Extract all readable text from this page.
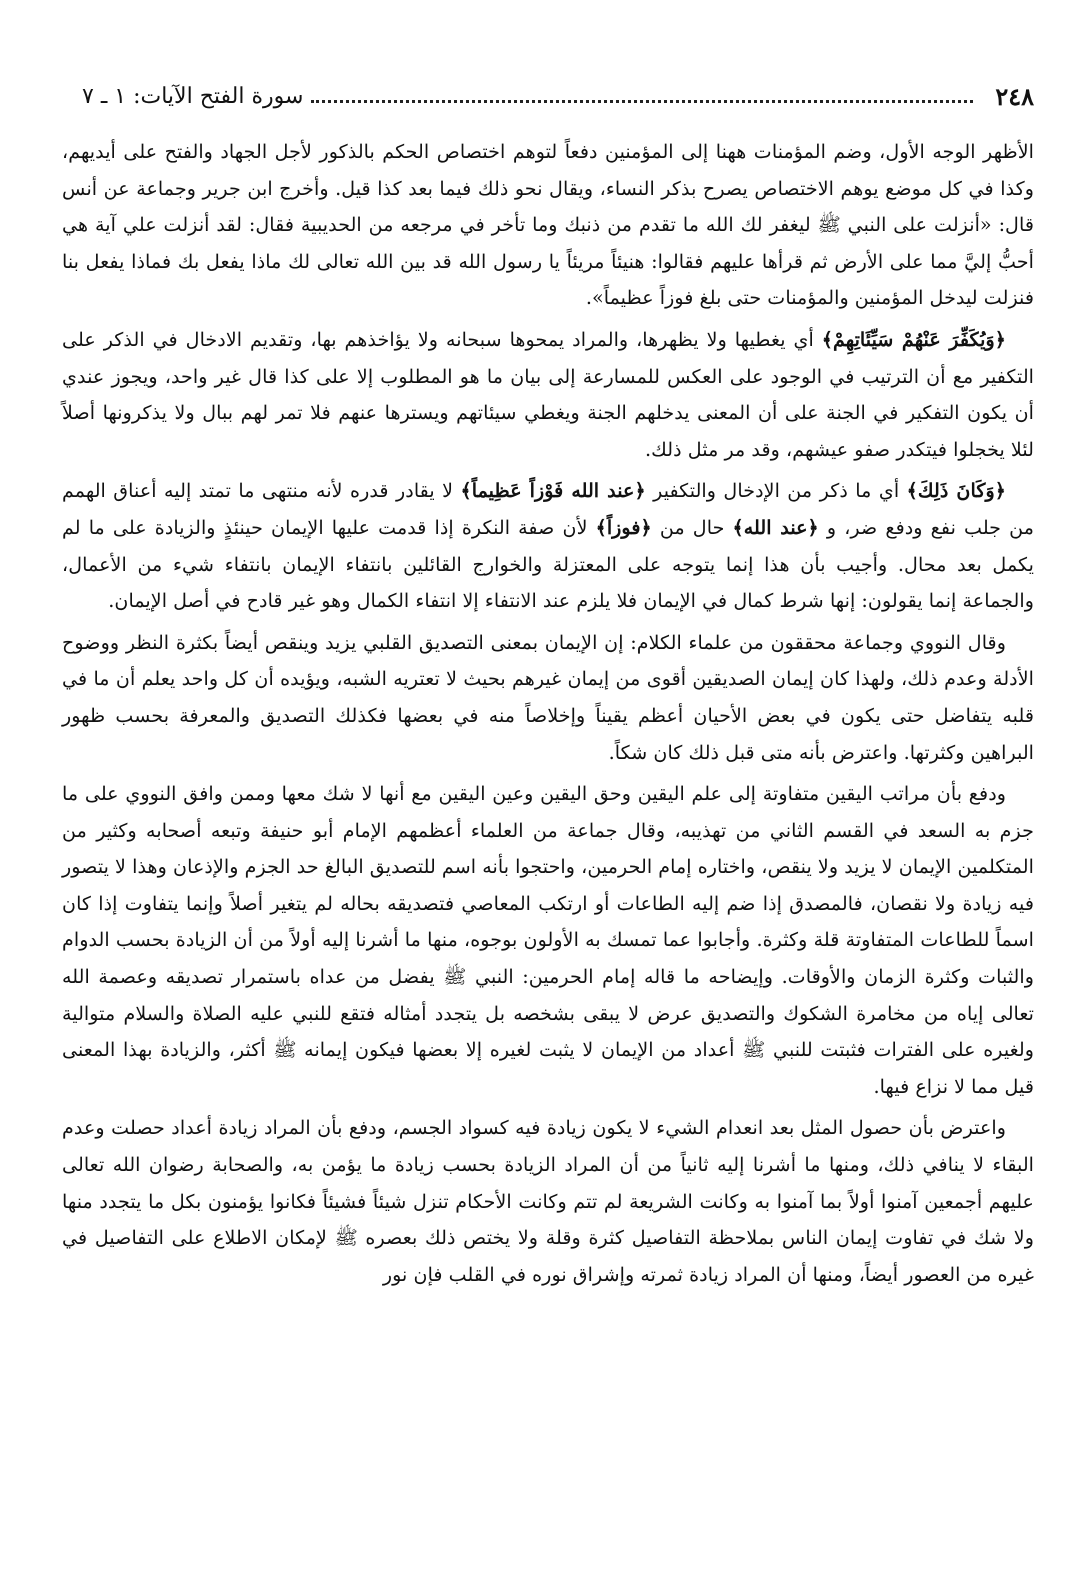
٢٤٨
سورة الفتح الآيات: ١ ـ ٧

الأظهر الوجه الأول، وضم المؤمنات ههنا إلى المؤمنين دفعاً لتوهم اختصاص الحكم بالذكور لأجل الجهاد والفتح على أيديهم، وكذا في كل موضع يوهم الاختصاص يصرح بذكر النساء، ويقال نحو ذلك فيما بعد كذا قيل. وأخرج ابن جرير وجماعة عن أنس قال: «أنزلت على النبي ﷺ ليغفر لك الله ما تقدم من ذنبك وما تأخر في مرجعه من الحديبية فقال: لقد أنزلت علي آية هي أحبُّ إليَّ مما على الأرض ثم قرأها عليهم فقالوا: هنيئاً مريئاً يا رسول الله قد بين الله تعالى لك ماذا يفعل بك فماذا يفعل بنا فنزلت ليدخل المؤمنين والمؤمنات حتى بلغ فوزاً عظيماً».

﴿وَيُكَفِّرَ عَنْهُمْ سَيِّئَاتِهِمْ﴾ أي يغطيها ولا يظهرها، والمراد يمحوها سبحانه ولا يؤاخذهم بها، وتقديم الادخال في الذكر على التكفير مع أن الترتيب في الوجود على العكس للمسارعة إلى بيان ما هو المطلوب إلا على كذا قال غير واحد، ويجوز عندي أن يكون التفكير في الجنة على أن المعنى يدخلهم الجنة ويغطي سيئاتهم ويسترها عنهم فلا تمر لهم ببال ولا يذكرونها أصلاً لئلا يخجلوا فيتكدر صفو عيشهم، وقد مر مثل ذلك.

﴿وَكَانَ ذَلِكَ﴾ أي ما ذكر من الإدخال والتكفير ﴿عند الله فَوْزاً عَظِيماً﴾ لا يقادر قدره لأنه منتهى ما تمتد إليه أعناق الهمم من جلب نفع ودفع ضر، و ﴿عند الله﴾ حال من ﴿فوزاً﴾ لأن صفة النكرة إذا قدمت عليها الإيمان حينئذٍ والزيادة على ما لم يكمل بعد محال. وأجيب بأن هذا إنما يتوجه على المعتزلة والخوارج القائلين بانتفاء الإيمان بانتفاء شيء من الأعمال، والجماعة إنما يقولون: إنها شرط كمال في الإيمان فلا يلزم عند الانتفاء إلا انتفاء الكمال وهو غير قادح في أصل الإيمان.

وقال النووي وجماعة محققون من علماء الكلام: إن الإيمان بمعنى التصديق القلبي يزيد وينقص أيضاً بكثرة النظر ووضوح الأدلة وعدم ذلك، ولهذا كان إيمان الصديقين أقوى من إيمان غيرهم بحيث لا تعتريه الشبه، ويؤيده أن كل واحد يعلم أن ما في قلبه يتفاضل حتى يكون في بعض الأحيان أعظم يقيناً وإخلاصاً منه في بعضها فكذلك التصديق والمعرفة بحسب ظهور البراهين وكثرتها. واعترض بأنه متى قبل ذلك كان شكاً.

ودفع بأن مراتب اليقين متفاوتة إلى علم اليقين وحق اليقين وعين اليقين مع أنها لا شك معها وممن وافق النووي على ما جزم به السعد في القسم الثاني من تهذيبه، وقال جماعة من العلماء أعظمهم الإمام أبو حنيفة وتبعه أصحابه وكثير من المتكلمين الإيمان لا يزيد ولا ينقص، واختاره إمام الحرمين، واحتجوا بأنه اسم للتصديق البالغ حد الجزم والإذعان وهذا لا يتصور فيه زيادة ولا نقصان، فالمصدق إذا ضم إليه الطاعات أو ارتكب المعاصي فتصديقه بحاله لم يتغير أصلاً وإنما يتفاوت إذا كان اسماً للطاعات المتفاوتة قلة وكثرة. وأجابوا عما تمسك به الأولون بوجوه، منها ما أشرنا إليه أولاً من أن الزيادة بحسب الدوام والثبات وكثرة الزمان والأوقات. وإيضاحه ما قاله إمام الحرمين: النبي ﷺ يفضل من عداه باستمرار تصديقه وعصمة الله تعالى إياه من مخامرة الشكوك والتصديق عرض لا يبقى بشخصه بل يتجدد أمثاله فتقع للنبي عليه الصلاة والسلام متوالية ولغيره على الفترات فثبتت للنبي ﷺ أعداد من الإيمان لا يثبت لغيره إلا بعضها فيكون إيمانه ﷺ أكثر، والزيادة بهذا المعنى قيل مما لا نزاع فيها.

واعترض بأن حصول المثل بعد انعدام الشيء لا يكون زيادة فيه كسواد الجسم، ودفع بأن المراد زيادة أعداد حصلت وعدم البقاء لا ينافي ذلك، ومنها ما أشرنا إليه ثانياً من أن المراد الزيادة بحسب زيادة ما يؤمن به، والصحابة رضوان الله تعالى عليهم أجمعين آمنوا أولاً بما آمنوا به وكانت الشريعة لم تتم وكانت الأحكام تنزل شيئاً فشيئاً فكانوا يؤمنون بكل ما يتجدد منها ولا شك في تفاوت إيمان الناس بملاحظة التفاصيل كثرة وقلة ولا يختص ذلك بعصره ﷺ لإمكان الاطلاع على التفاصيل في غيره من العصور أيضاً، ومنها أن المراد زيادة ثمرته وإشراق نوره في القلب فإن نور
